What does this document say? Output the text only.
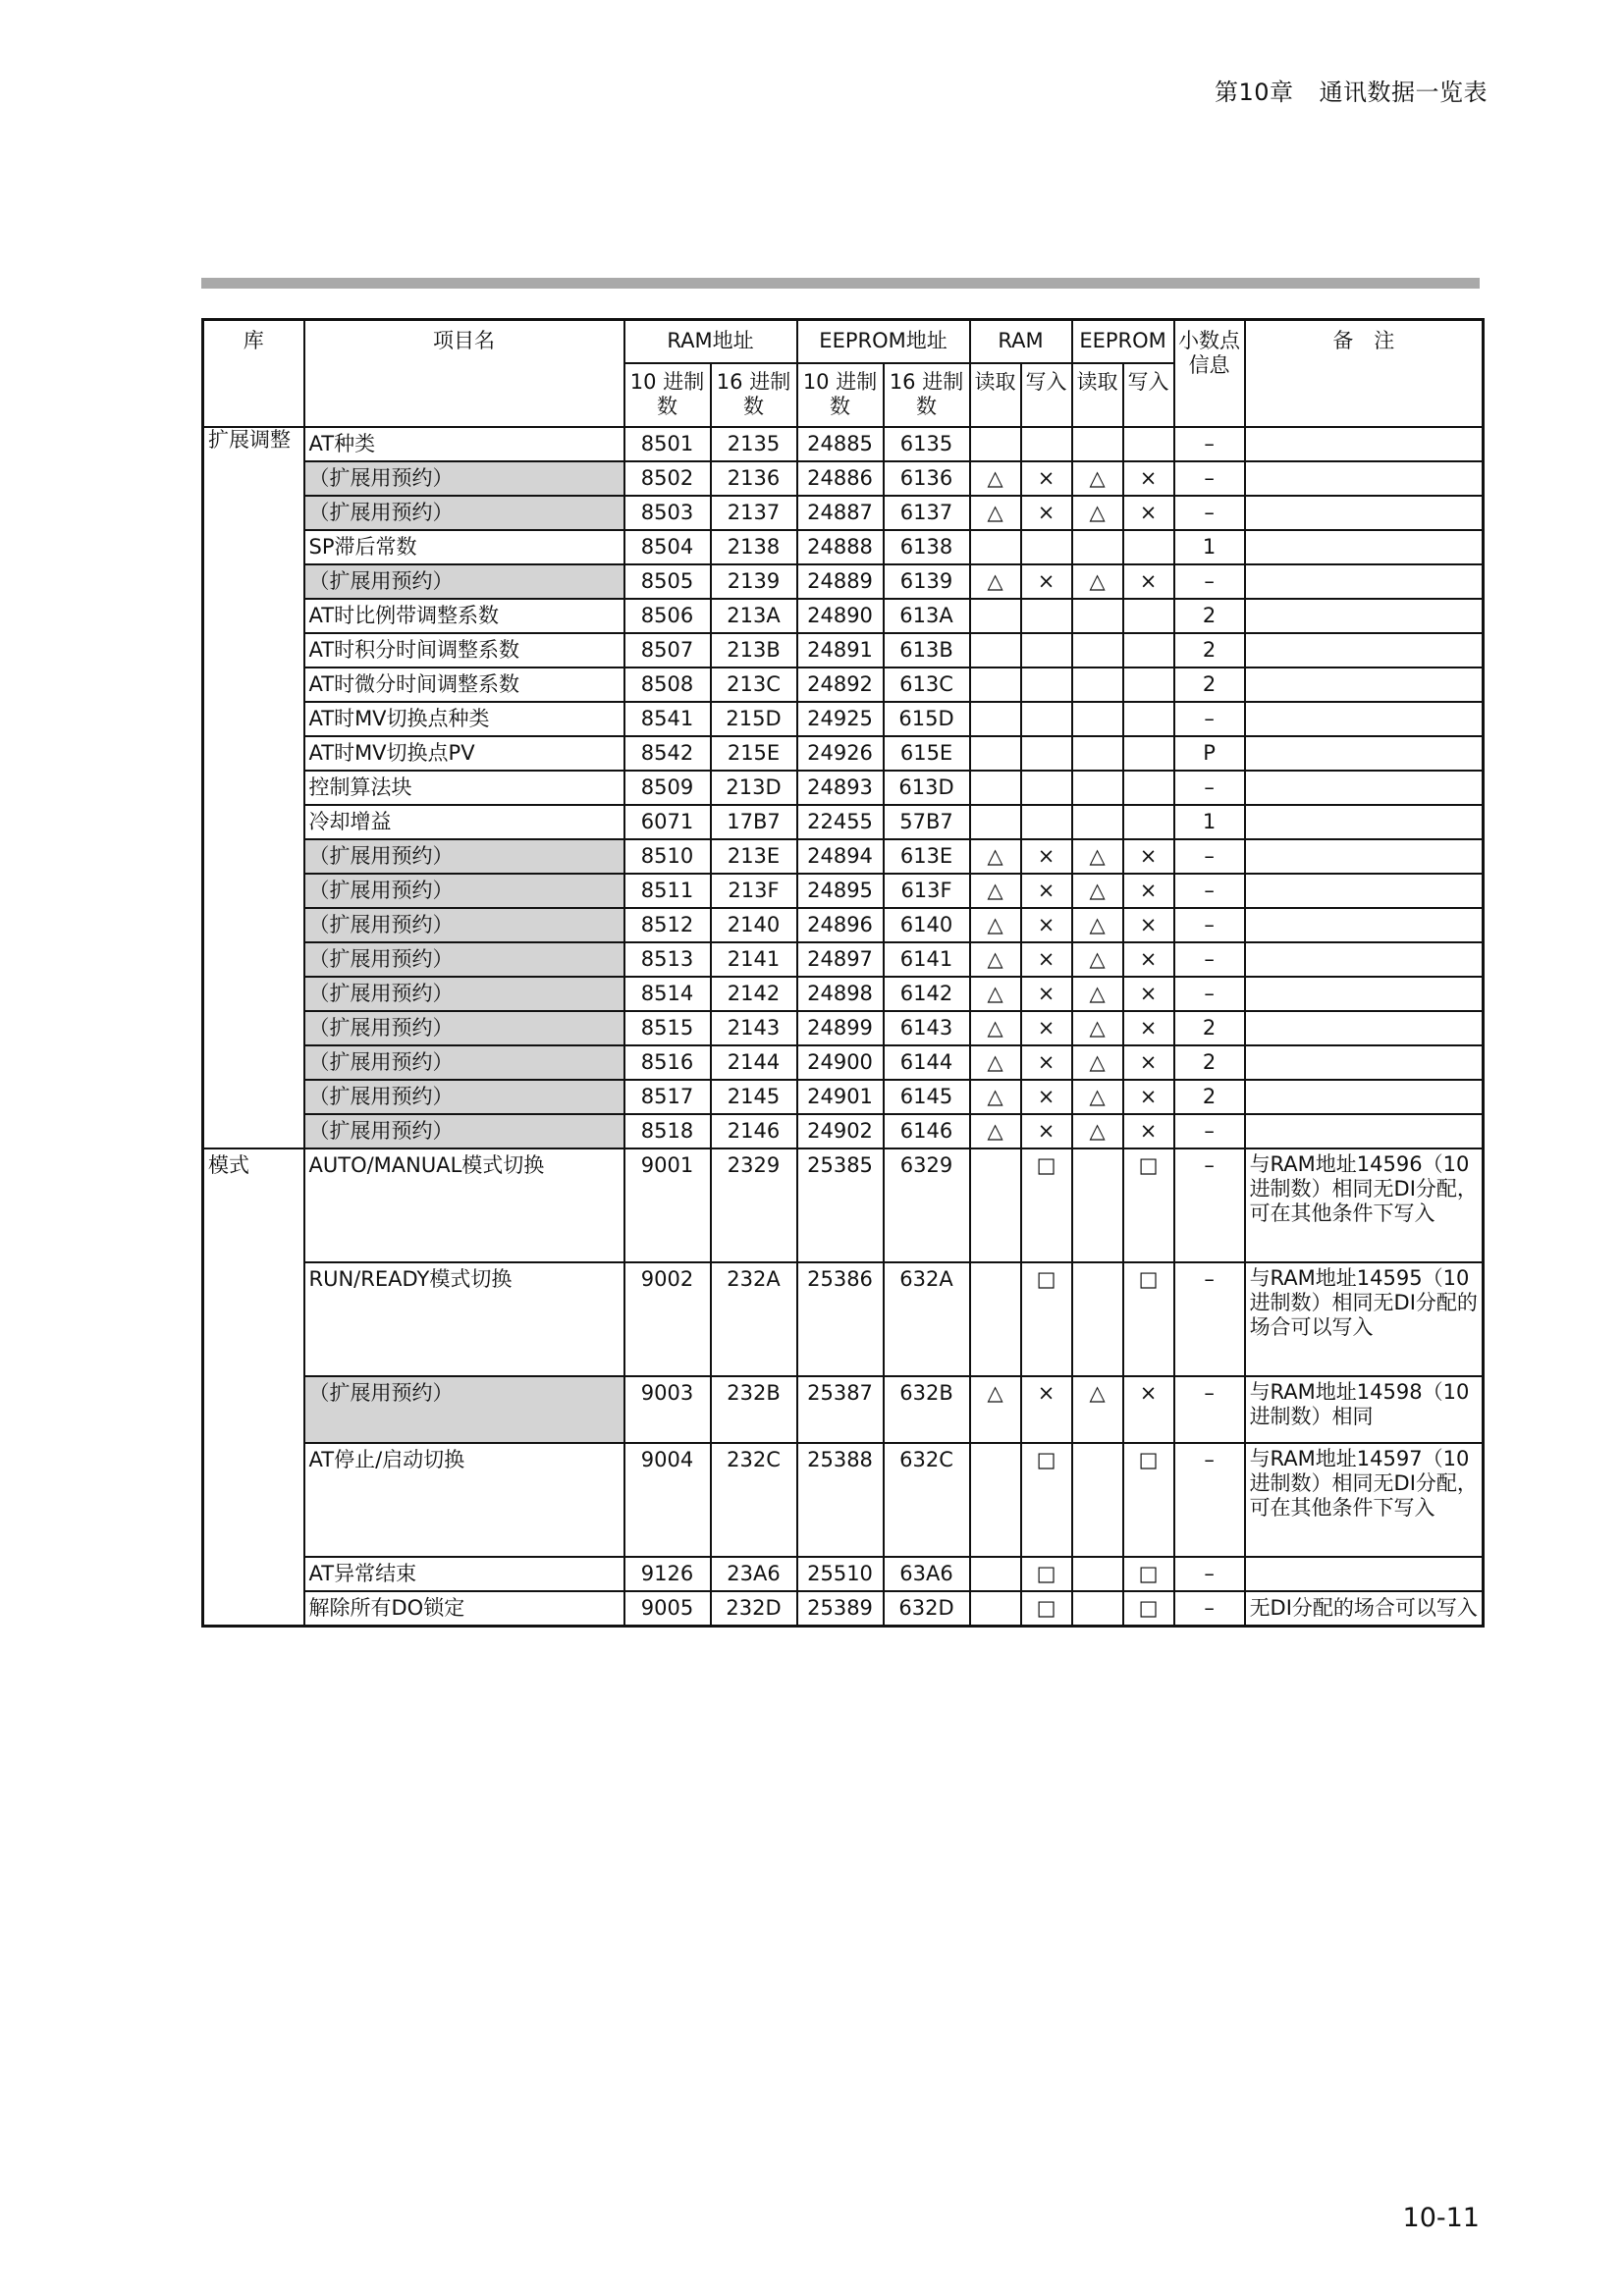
第10章 通讯数据一览表
库	项目名	RAM地址		EEPROM地址		RAM		EEPROM		小数点信息	备　注
		10 进制数	16 进制数	10 进制数	16 进制数	读取	写入	读取	写入		
扩展调整	AT种类	8501	2135	24885	6135					–	
	（扩展用预约）	8502	2136	24886	6136	△	×	△	×	–	
	（扩展用预约）	8503	2137	24887	6137	△	×	△	×	–	
	SP滞后常数	8504	2138	24888	6138					1	
	（扩展用预约）	8505	2139	24889	6139	△	×	△	×	–	
	AT时比例带调整系数	8506	213A	24890	613A					2	
	AT时积分时间调整系数	8507	213B	24891	613B					2	
	AT时微分时间调整系数	8508	213C	24892	613C					2	
	AT时MV切换点种类	8541	215D	24925	615D					–	
	AT时MV切换点PV	8542	215E	24926	615E					P	
	控制算法块	8509	213D	24893	613D					–	
	冷却增益	6071	17B7	22455	57B7					1	
	（扩展用预约）	8510	213E	24894	613E	△	×	△	×	–	
	（扩展用预约）	8511	213F	24895	613F	△	×	△	×	–	
	（扩展用预约）	8512	2140	24896	6140	△	×	△	×	–	
	（扩展用预约）	8513	2141	24897	6141	△	×	△	×	–	
	（扩展用预约）	8514	2142	24898	6142	△	×	△	×	–	
	（扩展用预约）	8515	2143	24899	6143	△	×	△	×	2	
	（扩展用预约）	8516	2144	24900	6144	△	×	△	×	2	
	（扩展用预约）	8517	2145	24901	6145	△	×	△	×	2	
	（扩展用预约）	8518	2146	24902	6146	△	×	△	×	–	
模式	AUTO/MANUAL模式切换	9001	2329	25385	6329		□		□	–	与RAM地址14596（10进制数）相同无DI分配，可在其他条件下写入
	RUN/READY模式切换	9002	232A	25386	632A		□		□	–	与RAM地址14595（10进制数）相同无DI分配的场合可以写入
	（扩展用预约）	9003	232B	25387	632B	△	×	△	×	–	与RAM地址14598（10进制数）相同
	AT停止/启动切换	9004	232C	25388	632C		□		□	–	与RAM地址14597（10进制数）相同无DI分配，可在其他条件下写入
	AT异常结束	9126	23A6	25510	63A6		□		□	–	
	解除所有DO锁定	9005	232D	25389	632D		□		□	–	无DI分配的场合可以写入
10-11
